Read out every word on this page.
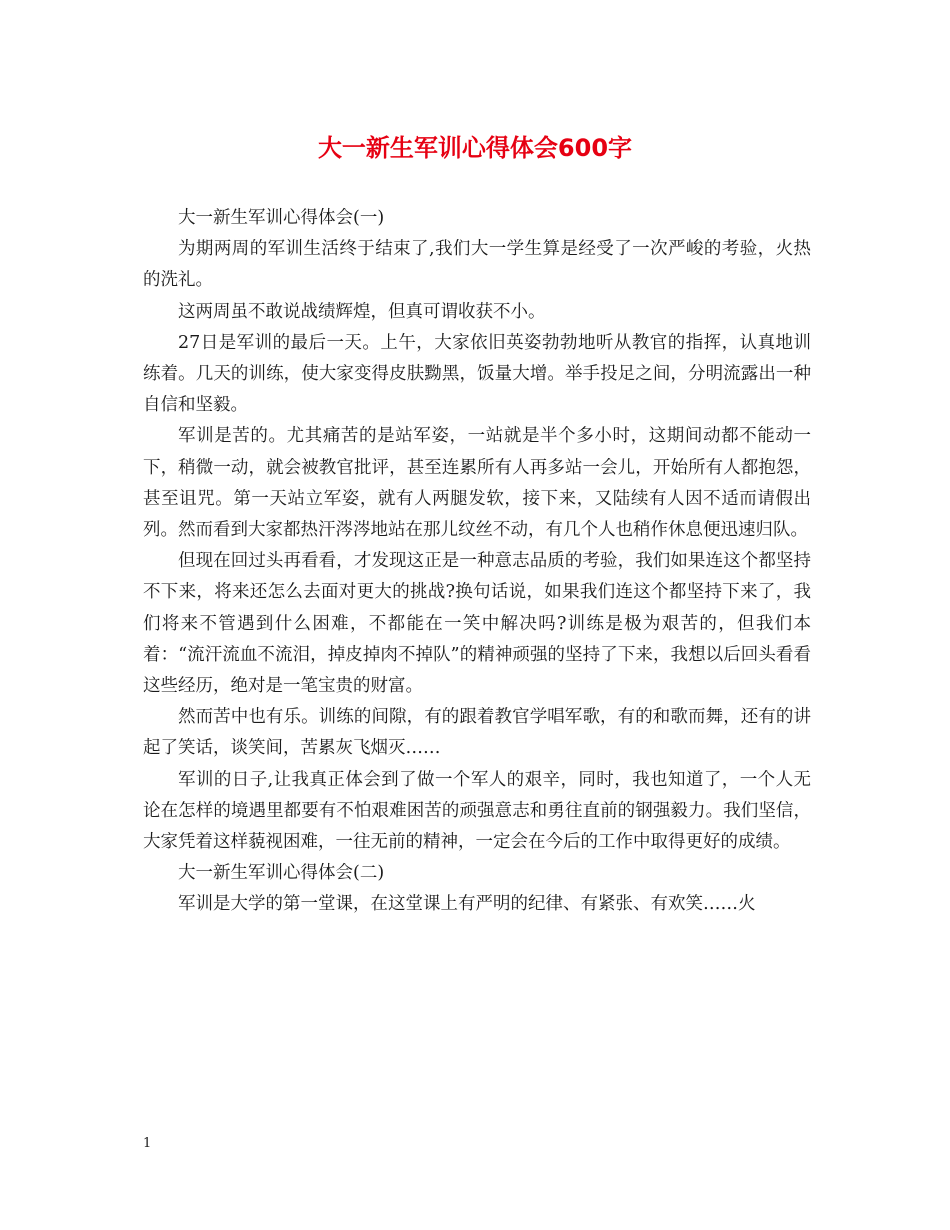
大一新生军训心得体会600字

大一新生军训心得体会(一)

为期两周的军训生活终于结束了,我们大一学生算是经受了一次严峻的考验，火热的洗礼。

这两周虽不敢说战绩辉煌，但真可谓收获不小。

27日是军训的最后一天。上午，大家依旧英姿勃勃地听从教官的指挥，认真地训练着。几天的训练，使大家变得皮肤黝黑，饭量大增。举手投足之间，分明流露出一种自信和坚毅。

军训是苦的。尤其痛苦的是站军姿，一站就是半个多小时，这期间动都不能动一下，稍微一动，就会被教官批评，甚至连累所有人再多站一会儿，开始所有人都抱怨，甚至诅咒。第一天站立军姿，就有人两腿发软，接下来，又陆续有人因不适而请假出列。然而看到大家都热汗涔涔地站在那儿纹丝不动，有几个人也稍作休息便迅速归队。

但现在回过头再看看，才发现这正是一种意志品质的考验，我们如果连这个都坚持不下来，将来还怎么去面对更大的挑战?换句话说，如果我们连这个都坚持下来了，我们将来不管遇到什么困难，不都能在一笑中解决吗?训练是极为艰苦的，但我们本着：“流汗流血不流泪，掉皮掉肉不掉队”的精神顽强的坚持了下来，我想以后回头看看这些经历，绝对是一笔宝贵的财富。

然而苦中也有乐。训练的间隙，有的跟着教官学唱军歌，有的和歌而舞，还有的讲起了笑话，谈笑间，苦累灰飞烟灭……

军训的日子,让我真正体会到了做一个军人的艰辛，同时，我也知道了，一个人无论在怎样的境遇里都要有不怕艰难困苦的顽强意志和勇往直前的钢强毅力。我们坚信，大家凭着这样藐视困难，一往无前的精神，一定会在今后的工作中取得更好的成绩。

大一新生军训心得体会(二)

军训是大学的第一堂课，在这堂课上有严明的纪律、有紧张、有欢笑……火

1
